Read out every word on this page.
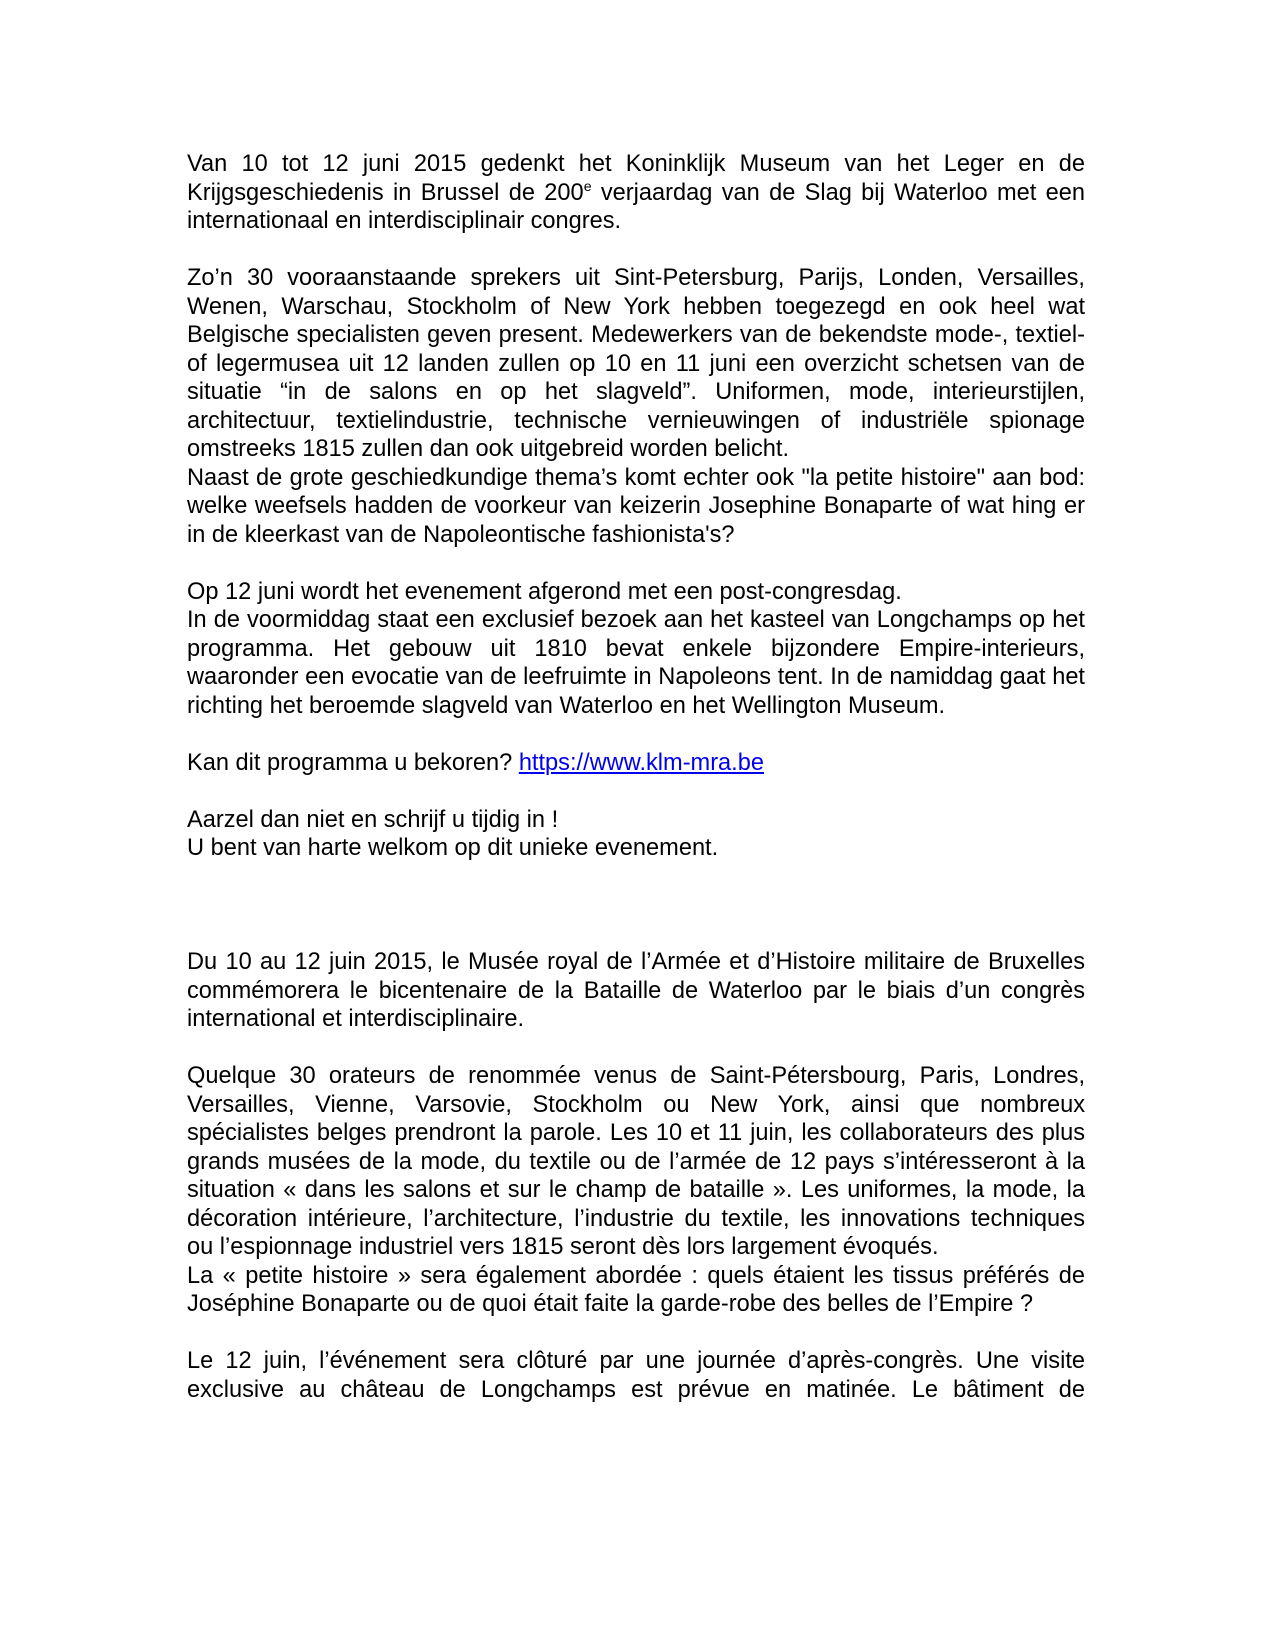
Van 10 tot 12 juni 2015 gedenkt het Koninklijk Museum van het Leger en de Krijgsgeschiedenis in Brussel de 200e verjaardag van de Slag bij Waterloo met een internationaal en interdisciplinair congres.

Zo’n 30 vooraanstaande sprekers uit Sint-Petersburg, Parijs, Londen, Versailles, Wenen, Warschau, Stockholm of New York hebben toegezegd en ook heel wat Belgische specialisten geven present. Medewerkers van de bekendste mode-, textiel- of legermusea uit 12 landen zullen op 10 en 11 juni een overzicht schetsen van de situatie “in de salons en op het slagveld”. Uniformen, mode, interieurstijlen, architectuur, textielindustrie, technische vernieuwingen of industriële spionage omstreeks 1815 zullen dan ook uitgebreid worden belicht.

Naast de grote geschiedkundige thema’s komt echter ook "la petite histoire" aan bod: welke weefsels hadden de voorkeur van keizerin Josephine Bonaparte of wat hing er in de kleerkast van de Napoleontische fashionista's?

Op 12 juni wordt het evenement afgerond met een post-congresdag.

In de voormiddag staat een exclusief bezoek aan het kasteel van Longchamps op het programma. Het gebouw uit 1810 bevat enkele bijzondere Empire-interieurs, waaronder een evocatie van de leefruimte in Napoleons tent. In de namiddag gaat het richting het beroemde slagveld van Waterloo en het Wellington Museum.

Kan dit programma u bekoren? https://www.klm-mra.be

Aarzel dan niet en schrijf u tijdig in !
U bent van harte welkom op dit unieke evenement.

Du 10 au 12 juin 2015, le Musée royal de l’Armée et d’Histoire militaire de Bruxelles commémorera le bicentenaire de la Bataille de Waterloo par le biais d’un congrès international et interdisciplinaire.

Quelque 30 orateurs de renommée venus de Saint-Pétersbourg, Paris, Londres, Versailles, Vienne, Varsovie, Stockholm ou New York, ainsi que nombreux spécialistes belges prendront la parole. Les 10 et 11 juin, les collaborateurs des plus grands musées de la mode, du textile ou de l’armée de 12 pays s’intéresseront à la situation « dans les salons et sur le champ de bataille ». Les uniformes, la mode, la décoration intérieure, l’architecture, l’industrie du textile, les innovations techniques ou l’espionnage industriel vers 1815 seront dès lors largement évoqués.

La « petite histoire » sera également abordée : quels étaient les tissus préférés de Joséphine Bonaparte ou de quoi était faite la garde-robe des belles de l’Empire ?

Le 12 juin, l’événement sera clôturé par une journée d’après-congrès. Une visite exclusive au château de Longchamps est prévue en matinée. Le bâtiment de
